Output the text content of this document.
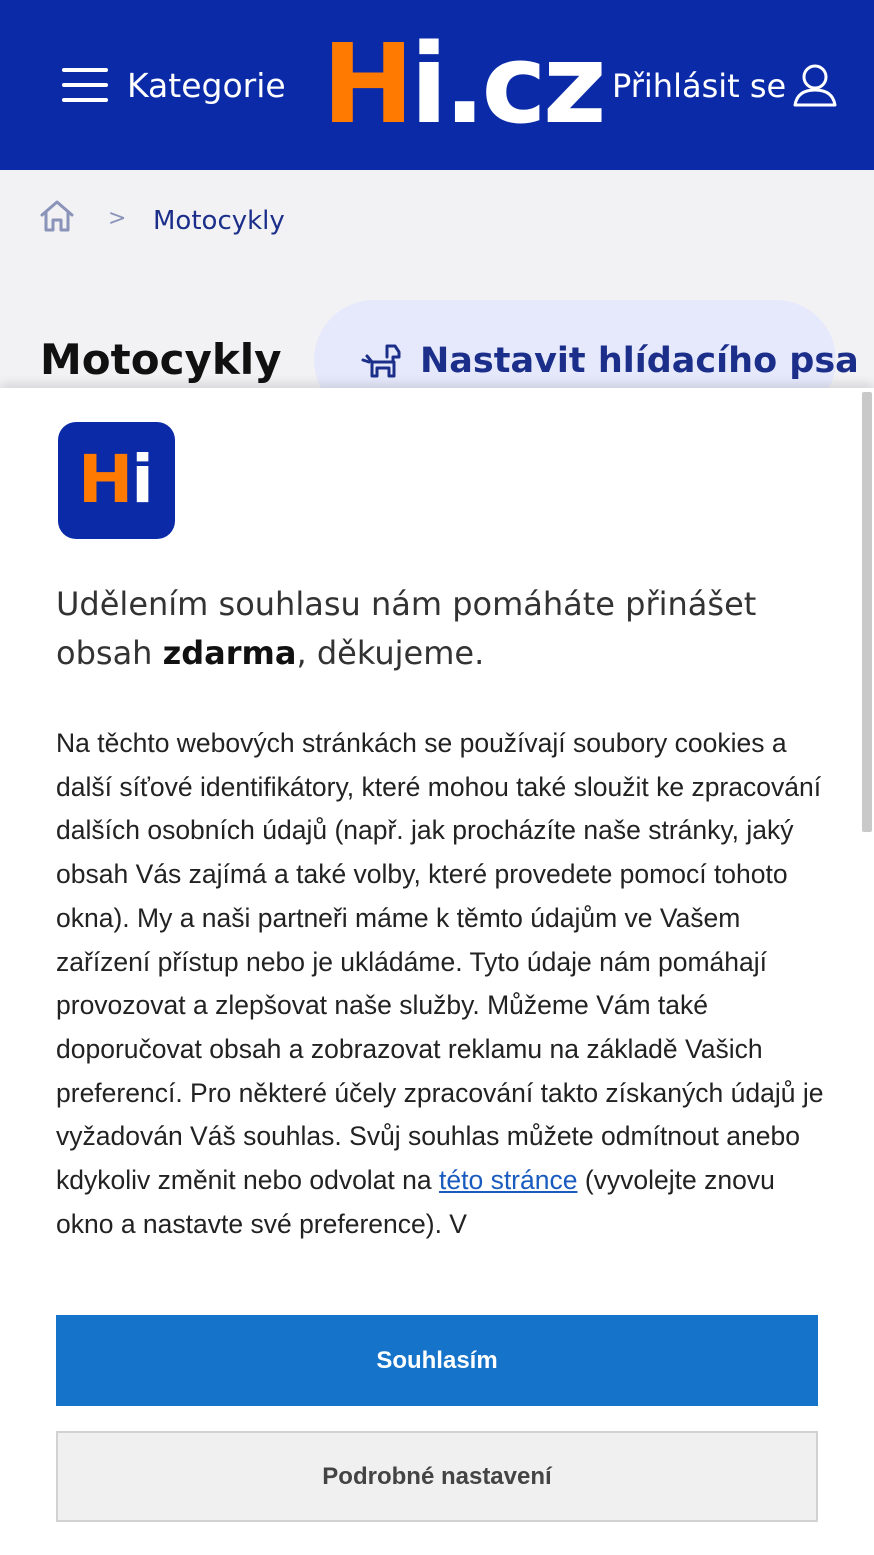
Kategorie Hi.cz Přihlásit se
> Motocykly
Motocykly	Nastavit hlídacího psa
Hi
Udělením souhlasu nám pomáháte přinášet obsah zdarma, děkujeme.
Na těchto webových stránkách se používají soubory cookies a další síťové identifikátory, které mohou také sloužit ke zpracování dalších osobních údajů (např. jak procházíte naše stránky, jaký obsah Vás zajímá a také volby, které provedete pomocí tohoto okna). My a naši partneři máme k těmto údajům ve Vašem zařízení přístup nebo je ukládáme. Tyto údaje nám pomáhají provozovat a zlepšovat naše služby. Můžeme Vám také doporučovat obsah a zobrazovat reklamu na základě Vašich preferencí. Pro některé účely zpracování takto získaných údajů je vyžadován Váš souhlas. Svůj souhlas můžete odmítnout anebo kdykoliv změnit nebo odvolat na této stránce (vyvolejte znovu okno a nastavte své preference). V
Souhlasím
Podrobné nastavení
